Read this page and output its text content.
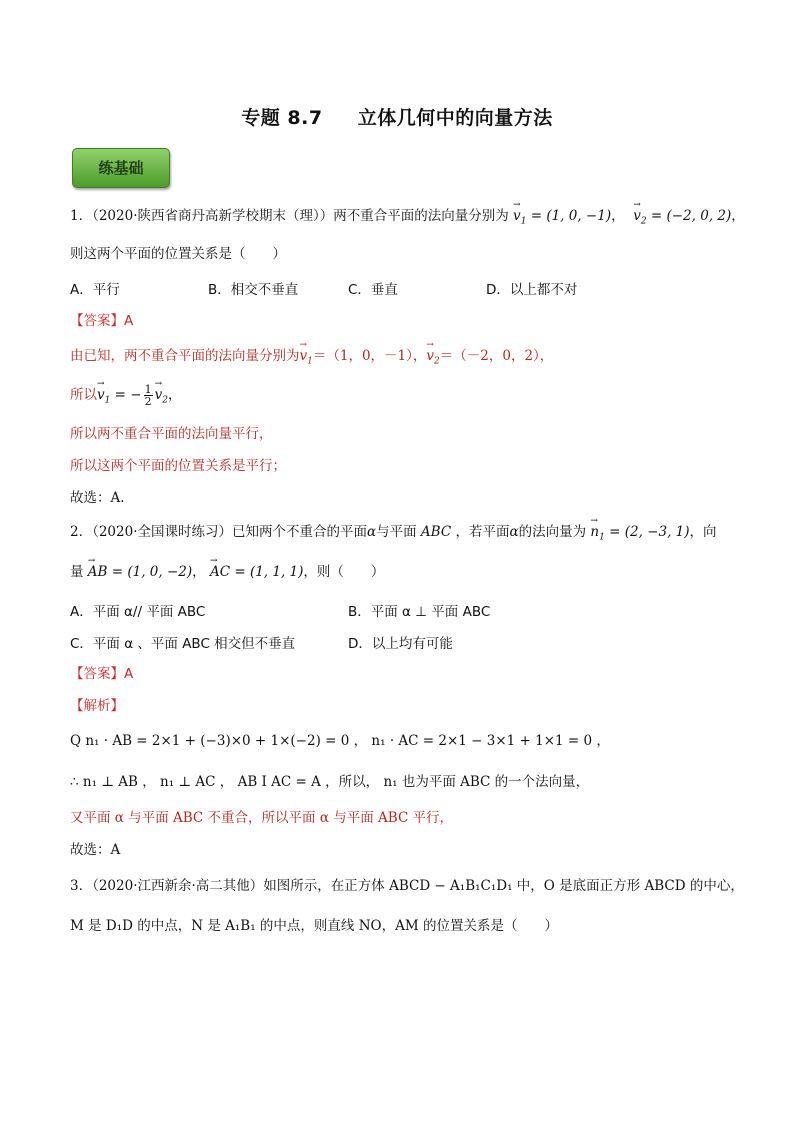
专题 8.7 立体几何中的向量方法
练基础
1．（2020·陕西省商丹高新学校期末（理））两不重合平面的法向量分别为 → $v_1 = (1$, 0, −1)，  → $v_2 = (-2$, 0, 2)，
则这两个平面的位置关系是（　　）
A．平行	B．相交不垂直	C．垂直	D．以上都不对
【答案】A
由已知，两不重合平面的法向量分别为→ $v_1=(1$，0，－1），→ $v_2=(-2$，0，2），
所以→ $v_1$ = − $\frac{1}{2}$
→ $v_2$，
所以两不重合平面的法向量平行，
所以这两个平面的位置关系是平行；
故选：A.
2．（2020·全国课时练习）已知两个不重合的平面α与平面 ABC ，若平面α的法向量为 → $n_1 = (2$, −3, 1)，向
量 → AB = (1, 0, −2)， → AC = (1, 1, 1)，则（　　）
A．平面 α// 平面 ABC	B．平面 α ⊥ 平面 ABC
C．平面 α 、平面 ABC 相交但不垂直	D．以上均有可能
【答案】A
【解析】
Q n₁ · AB = 2×1 + (−3)×0 + 1×(−2) = 0 ， n₁ · AC = 2×1 − 3×1 + 1×1 = 0 ，
∴ n₁ ⊥ AB ， n₁ ⊥ AC ， AB I AC = A ，所以， n₁ 也为平面 ABC 的一个法向量，
又平面 α 与平面 ABC 不重合，所以平面 α 与平面 ABC 平行，
故选：A
3．（2020·江西新余·高二其他）如图所示，在正方体 ABCD − A₁B₁C₁D₁ 中，O 是底面正方形 ABCD 的中心，
M 是 D₁D 的中点，N 是 A₁B₁ 的中点，则直线 NO，AM 的位置关系是（　　）
